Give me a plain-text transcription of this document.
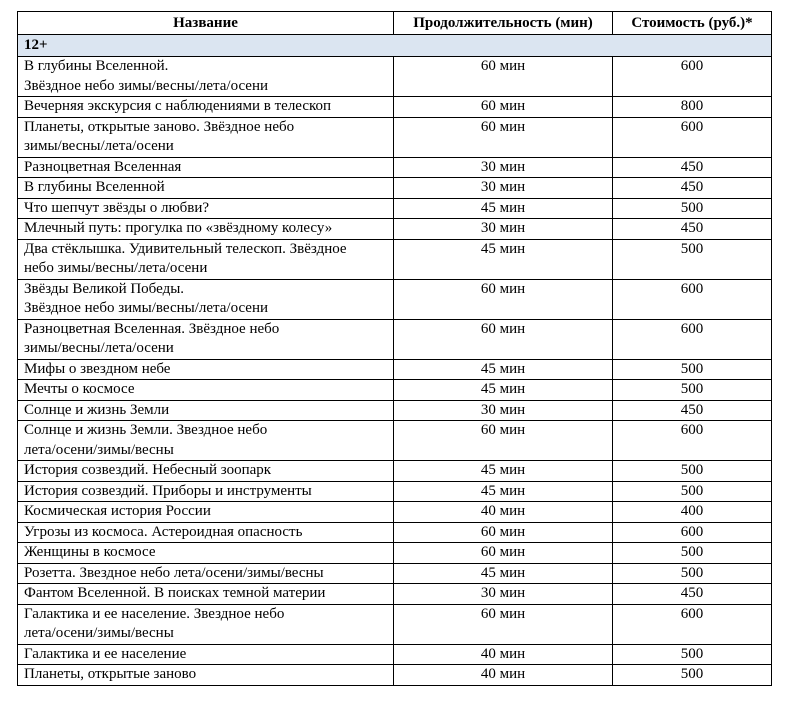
Название	Продолжительность (мин)	Стоимость (руб.)*
12+		

В глубины Вселенной.
Звёздное небо зимы/весны/лета/осени	60 мин	600

Вечерняя экскурсия с наблюдениями в телескоп	60 мин	800

Планеты, открытые заново. Звёздное небо
зимы/весны/лета/осени	60 мин	600

Разноцветная Вселенная	30 мин	450

В глубины Вселенной	30 мин	450

Что шепчут звёзды о любви?	45 мин	500

Млечный путь: прогулка по «звёздному колесу»	30 мин	450

Два стёклышка. Удивительный телескоп. Звёздное
небо зимы/весны/лета/осени	45 мин	500

Звёзды Великой Победы.
Звёздное небо зимы/весны/лета/осени	60 мин	600

Разноцветная Вселенная. Звёздное небо
зимы/весны/лета/осени	60 мин	600

Мифы о звездном небе	45 мин	500

Мечты о космосе	45 мин	500

Солнце и жизнь Земли	30 мин	450

Солнце и жизнь Земли. Звездное небо
лета/осени/зимы/весны	60 мин	600

История созвездий. Небесный зоопарк	45 мин	500

История созвездий. Приборы и инструменты	45 мин	500

Космическая история России	40 мин	400

Угрозы из космоса. Астероидная опасность	60 мин	600

Женщины в космосе	60 мин	500

Розетта. Звездное небо лета/осени/зимы/весны	45 мин	500

Фантом Вселенной. В поисках темной материи	30 мин	450

Галактика и ее население. Звездное небо
лета/осени/зимы/весны	60 мин	600

Галактика и ее население	40 мин	500

Планеты, открытые заново	40 мин	500
